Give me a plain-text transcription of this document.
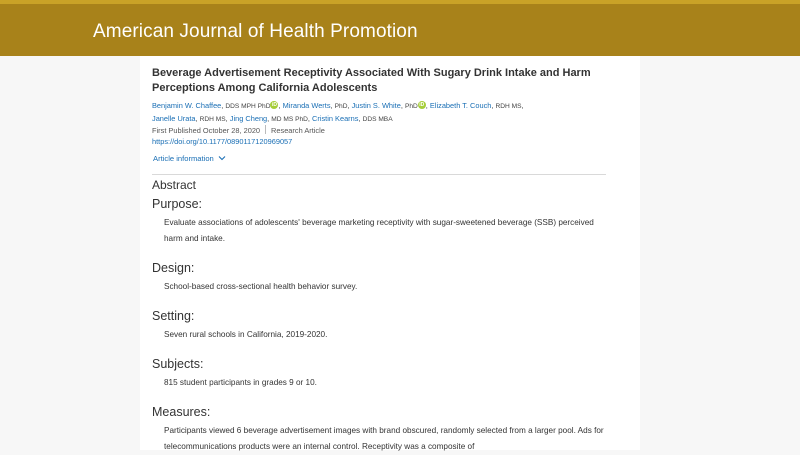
American Journal of Health Promotion
Beverage Advertisement Receptivity Associated With Sugary Drink Intake and Harm Perceptions Among California Adolescents
Benjamin W. Chaffee, DDS MPH PhD iD , Miranda Werts, PhD, Justin S. White, PhD iD , Elizabeth T. Couch, RDH MS,
Janelle Urata, RDH MS, Jing Cheng, MD MS PhD, Cristin Kearns, DDS MBA
First Published October 28, 2020 Research Article
https://doi.org/10.1177/0890117120969057
Article information
Abstract
Purpose:
Evaluate associations of adolescents' beverage marketing receptivity with sugar-sweetened beverage (SSB) perceived harm and intake.
Design:
School-based cross-sectional health behavior survey.
Setting:
Seven rural schools in California, 2019-2020.
Subjects:
815 student participants in grades 9 or 10.
Measures:
Participants viewed 6 beverage advertisement images with brand obscured, randomly selected from a larger pool. Ads for telecommunications products were an internal control. Receptivity was a composite of
